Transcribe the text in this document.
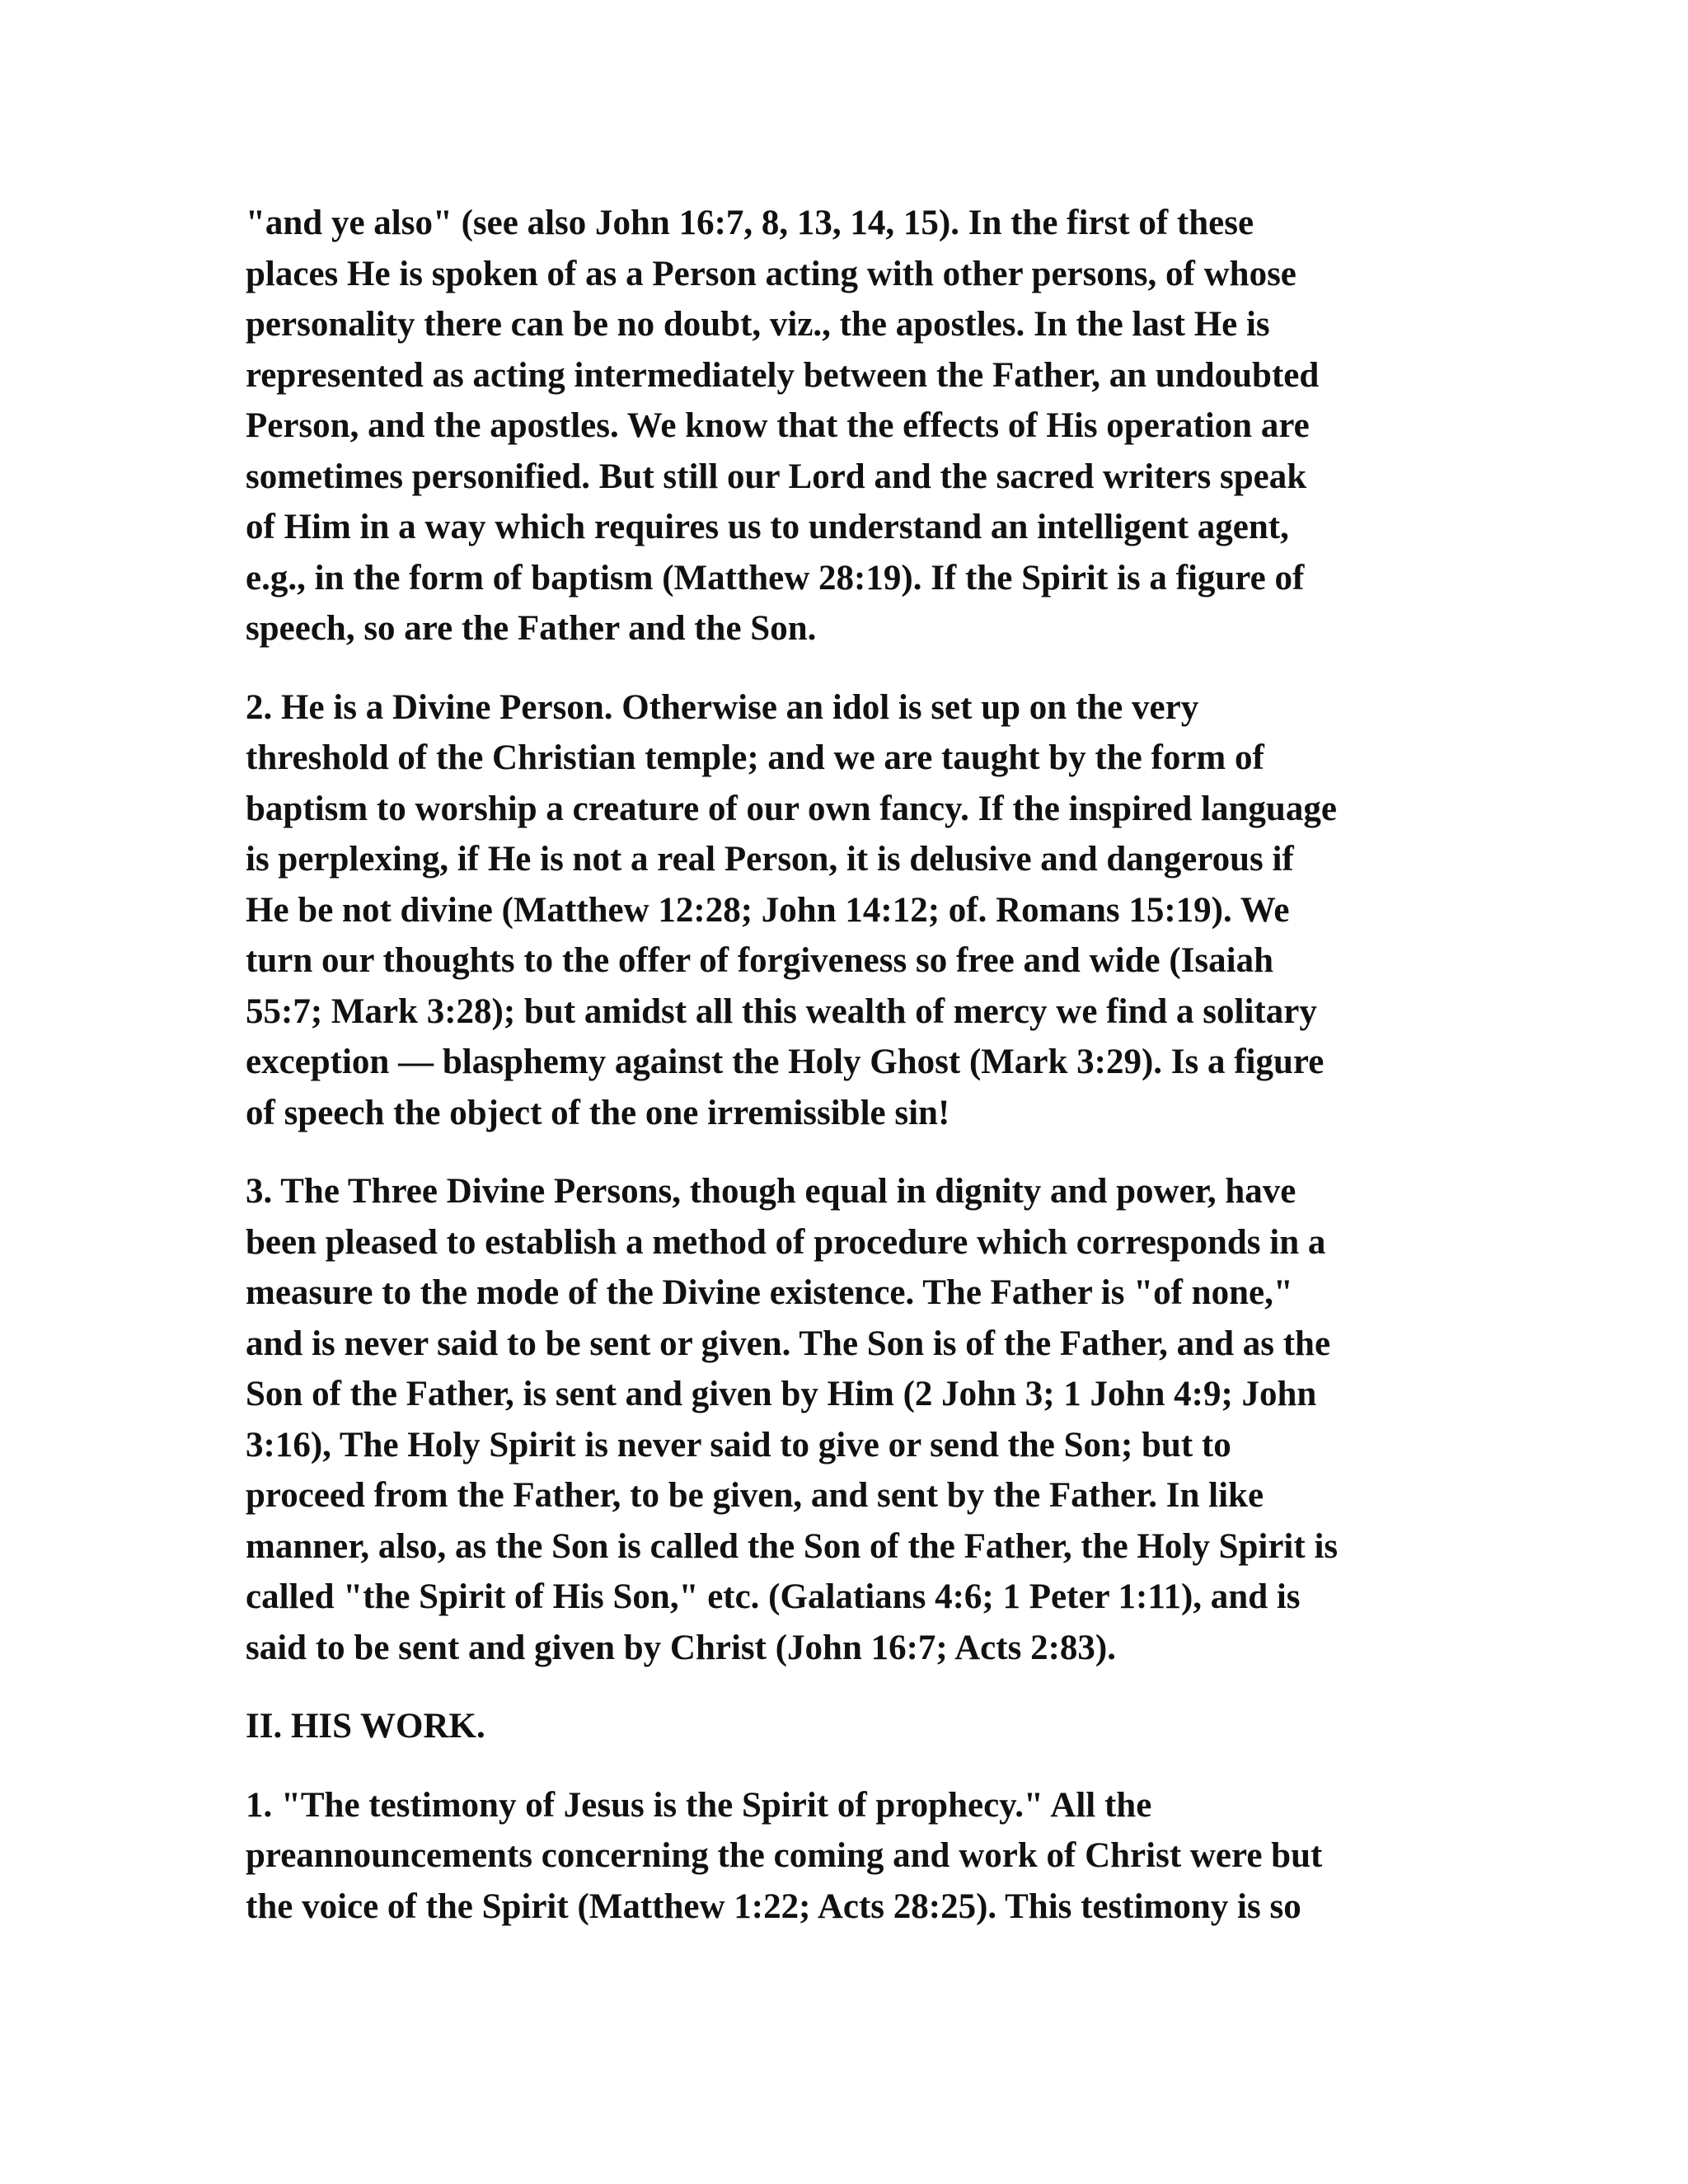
"and ye also" (see also John 16:7, 8, 13, 14, 15). In the first of these
places He is spoken of as a Person acting with other persons, of whose
personality there can be no doubt, viz., the apostles. In the last He is
represented as acting intermediately between the Father, an undoubted
Person, and the apostles. We know that the effects of His operation are
sometimes personified. But still our Lord and the sacred writers speak
of Him in a way which requires us to understand an intelligent agent,
e.g., in the form of baptism (Matthew 28:19). If the Spirit is a figure of
speech, so are the Father and the Son.
2. He is a Divine Person. Otherwise an idol is set up on the very
threshold of the Christian temple; and we are taught by the form of
baptism to worship a creature of our own fancy. If the inspired language
is perplexing, if He is not a real Person, it is delusive and dangerous if
He be not divine (Matthew 12:28; John 14:12; of. Romans 15:19). We
turn our thoughts to the offer of forgiveness so free and wide (Isaiah
55:7; Mark 3:28); but amidst all this wealth of mercy we find a solitary
exception — blasphemy against the Holy Ghost (Mark 3:29). Is a figure
of speech the object of the one irremissible sin!
3. The Three Divine Persons, though equal in dignity and power, have
been pleased to establish a method of procedure which corresponds in a
measure to the mode of the Divine existence. The Father is "of none,"
and is never said to be sent or given. The Son is of the Father, and as the
Son of the Father, is sent and given by Him (2 John 3; 1 John 4:9; John
3:16), The Holy Spirit is never said to give or send the Son; but to
proceed from the Father, to be given, and sent by the Father. In like
manner, also, as the Son is called the Son of the Father, the Holy Spirit is
called "the Spirit of His Son," etc. (Galatians 4:6; 1 Peter 1:11), and is
said to be sent and given by Christ (John 16:7; Acts 2:83).
II. HIS WORK.
1. "The testimony of Jesus is the Spirit of prophecy." All the
preannouncements concerning the coming and work of Christ were but
the voice of the Spirit (Matthew 1:22; Acts 28:25). This testimony is so
